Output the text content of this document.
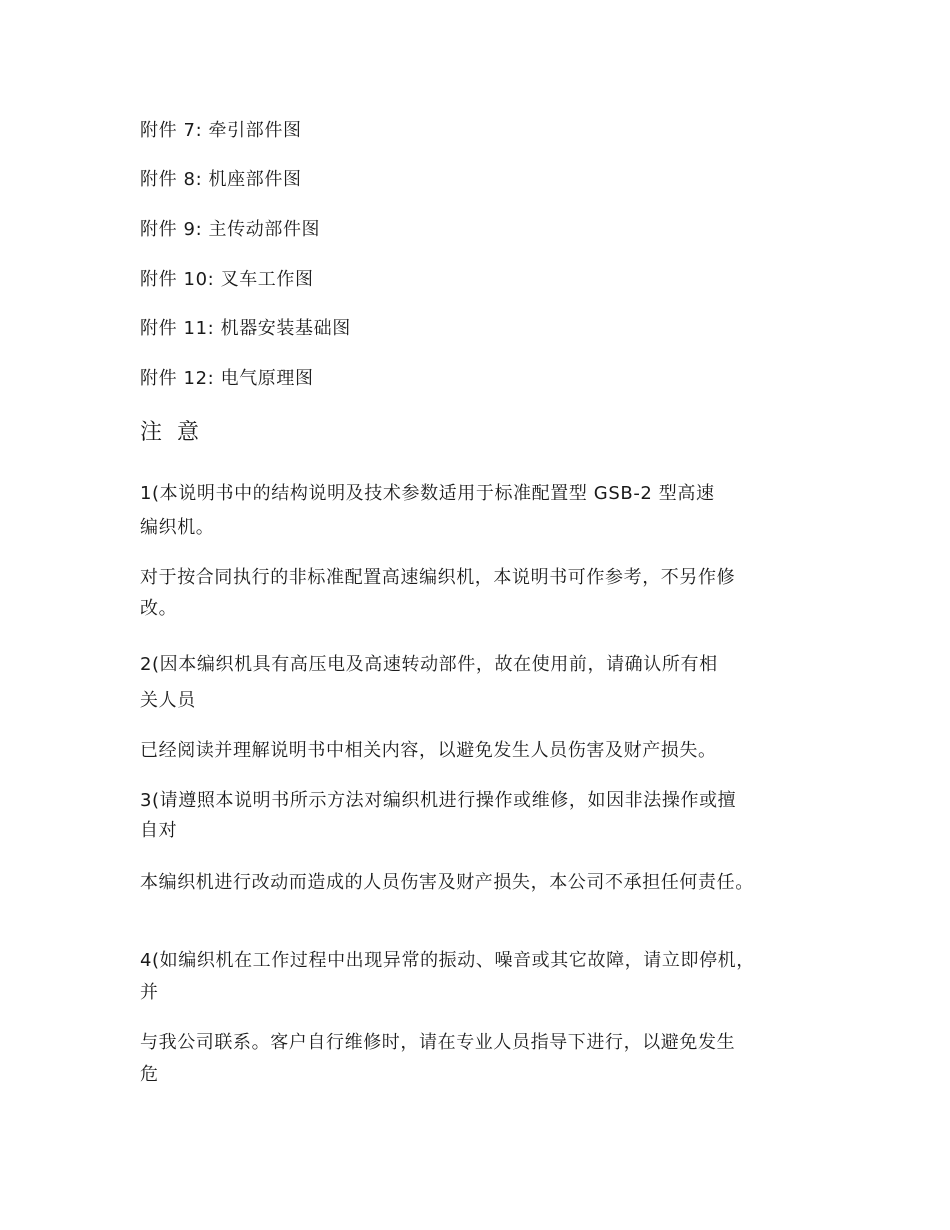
附件 7: 牵引部件图
附件 8: 机座部件图
附件 9: 主传动部件图
附件 10: 叉车工作图
附件 11: 机器安装基础图
附件 12: 电气原理图
注 意
1(本说明书中的结构说明及技术参数适用于标准配置型 GSB-2 型高速
编织机。
对于按合同执行的非标准配置高速编织机，本说明书可作参考，不另作修
改。
2(因本编织机具有高压电及高速转动部件，故在使用前，请确认所有相
关人员
已经阅读并理解说明书中相关内容，以避免发生人员伤害及财产损失。
3(请遵照本说明书所示方法对编织机进行操作或维修，如因非法操作或擅
自对
本编织机进行改动而造成的人员伤害及财产损失，本公司不承担任何责任。
4(如编织机在工作过程中出现异常的振动、噪音或其它故障，请立即停机，
并
与我公司联系。客户自行维修时，请在专业人员指导下进行，以避免发生
危
